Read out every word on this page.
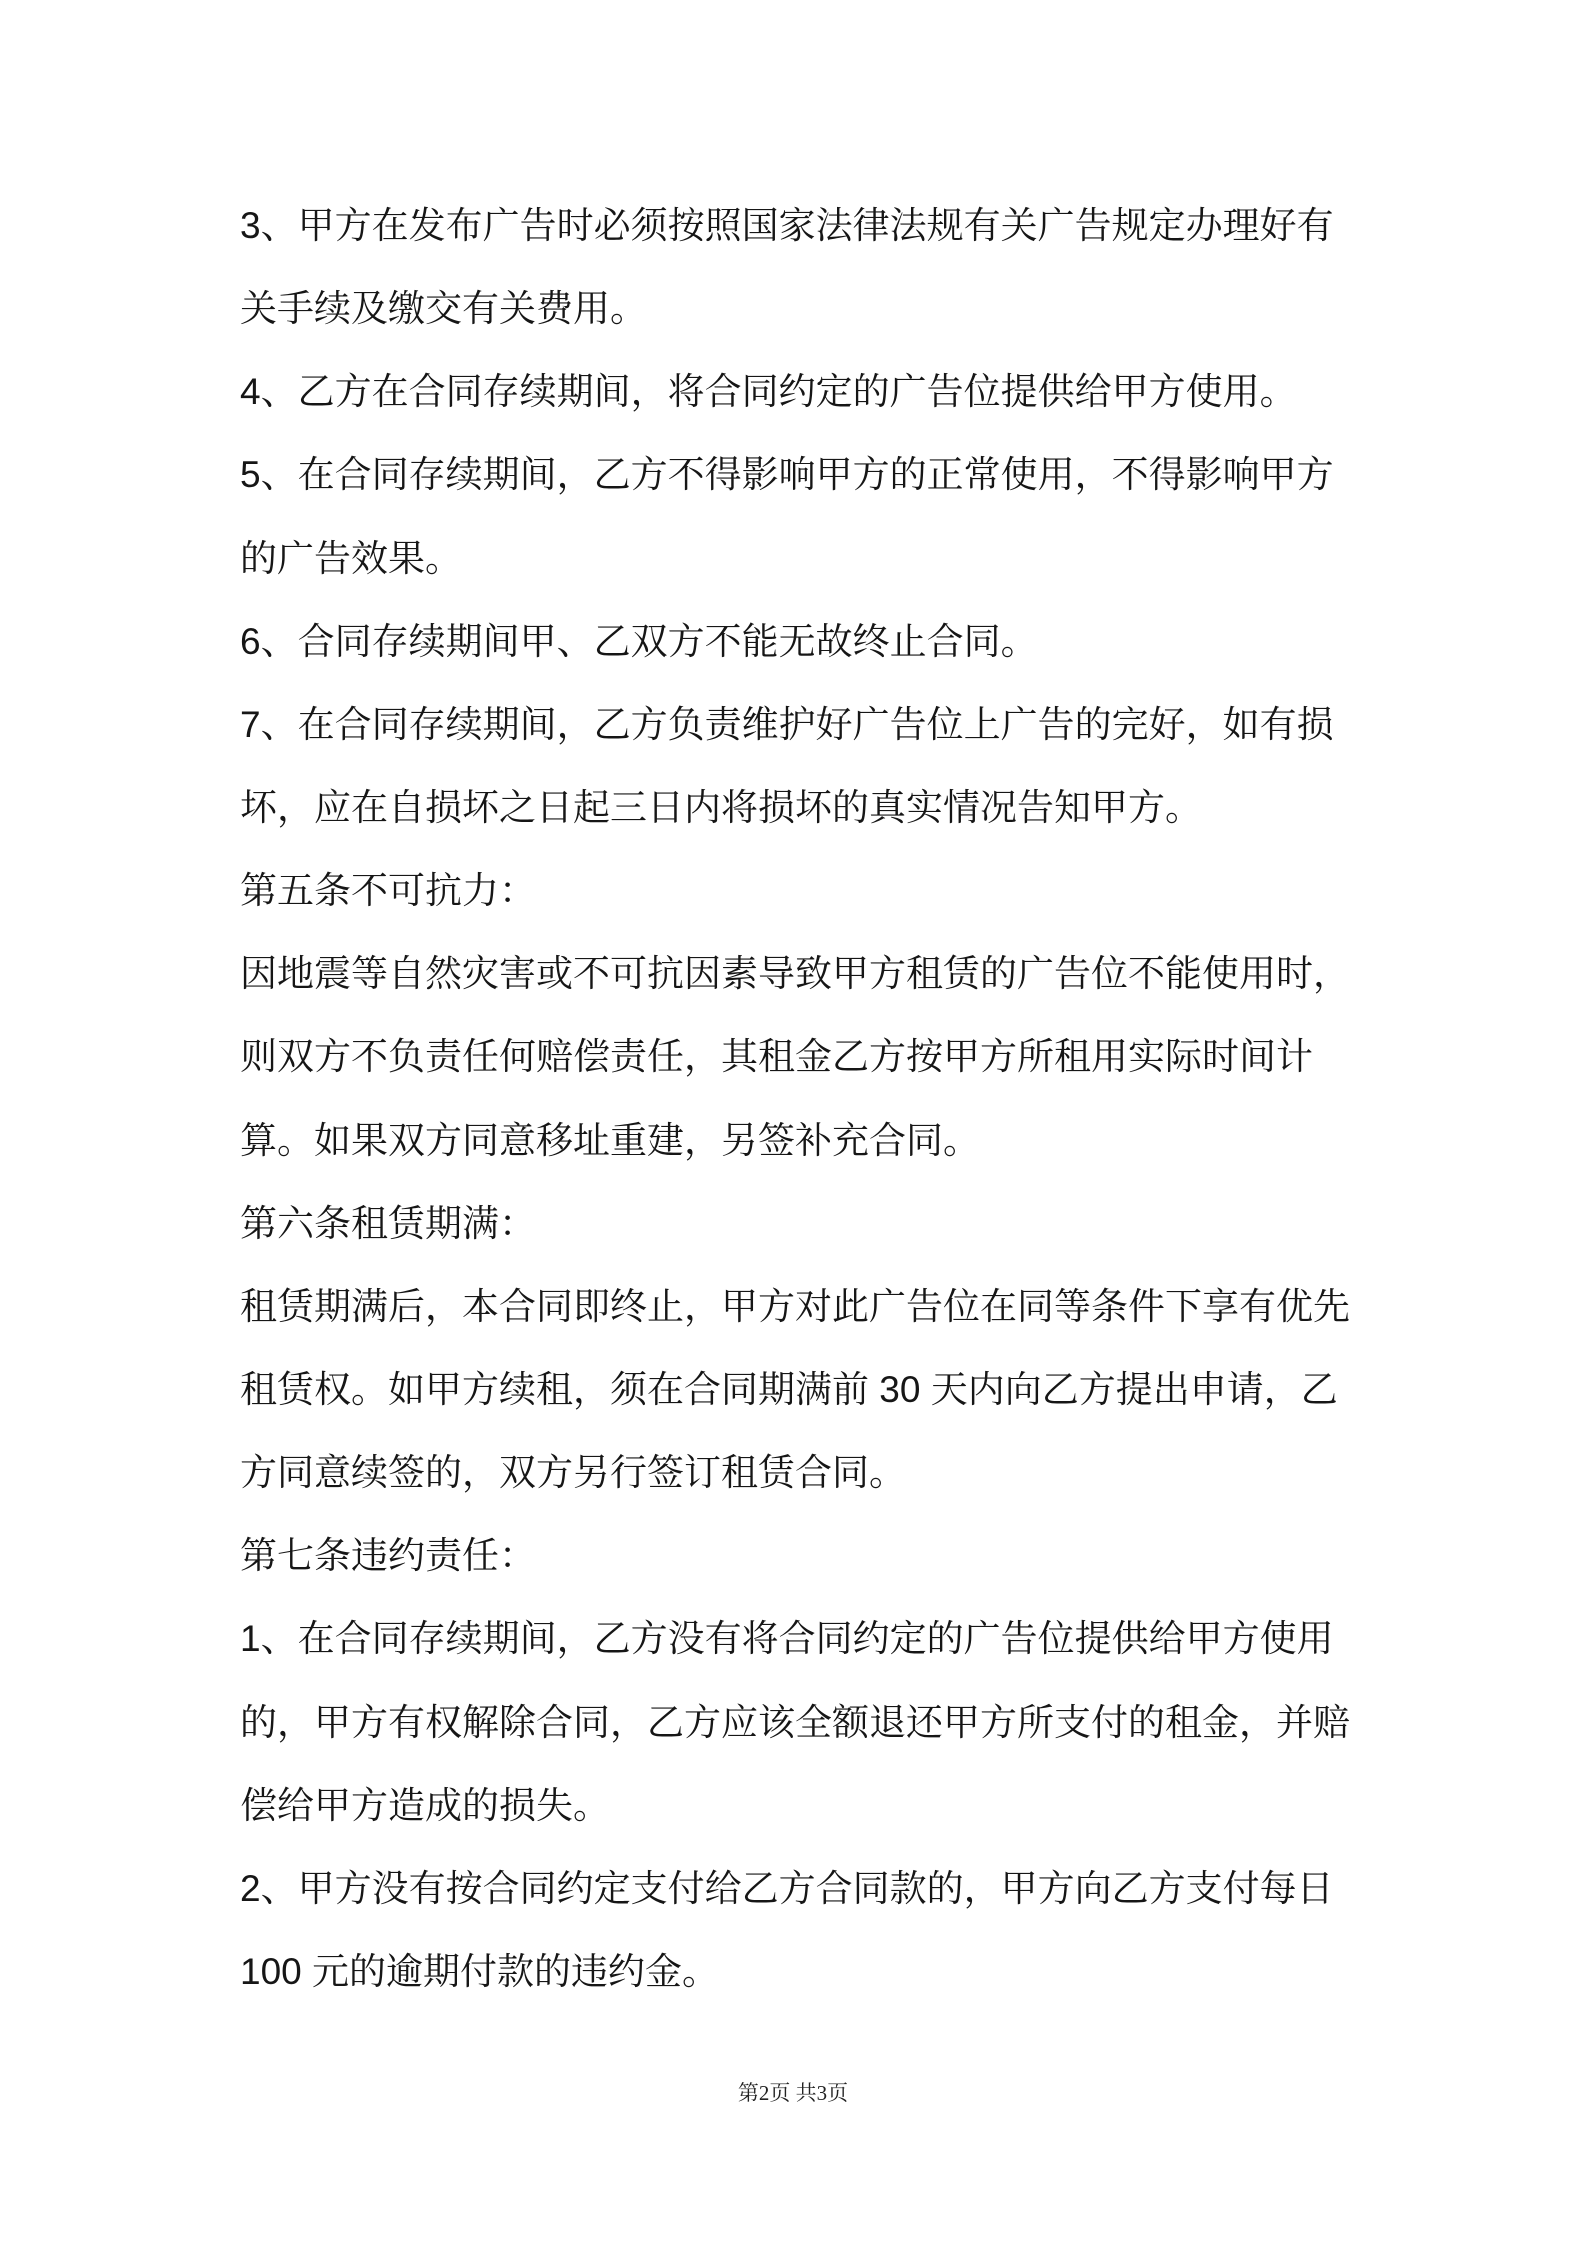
3、甲方在发布广告时必须按照国家法律法规有关广告规定办理好有
关手续及缴交有关费用。
4、乙方在合同存续期间，将合同约定的广告位提供给甲方使用。
5、在合同存续期间，乙方不得影响甲方的正常使用，不得影响甲方
的广告效果。
6、合同存续期间甲、乙双方不能无故终止合同。
7、在合同存续期间，乙方负责维护好广告位上广告的完好，如有损
坏，应在自损坏之日起三日内将损坏的真实情况告知甲方。
第五条不可抗力：
因地震等自然灾害或不可抗因素导致甲方租赁的广告位不能使用时，
则双方不负责任何赔偿责任，其租金乙方按甲方所租用实际时间计
算。如果双方同意移址重建，另签补充合同。
第六条租赁期满：
租赁期满后，本合同即终止，甲方对此广告位在同等条件下享有优先
租赁权。如甲方续租，须在合同期满前 30 天内向乙方提出申请，乙
方同意续签的，双方另行签订租赁合同。
第七条违约责任：
1、在合同存续期间，乙方没有将合同约定的广告位提供给甲方使用
的，甲方有权解除合同，乙方应该全额退还甲方所支付的租金，并赔
偿给甲方造成的损失。
2、甲方没有按合同约定支付给乙方合同款的，甲方向乙方支付每日
100 元的逾期付款的违约金。
第2页 共3页
